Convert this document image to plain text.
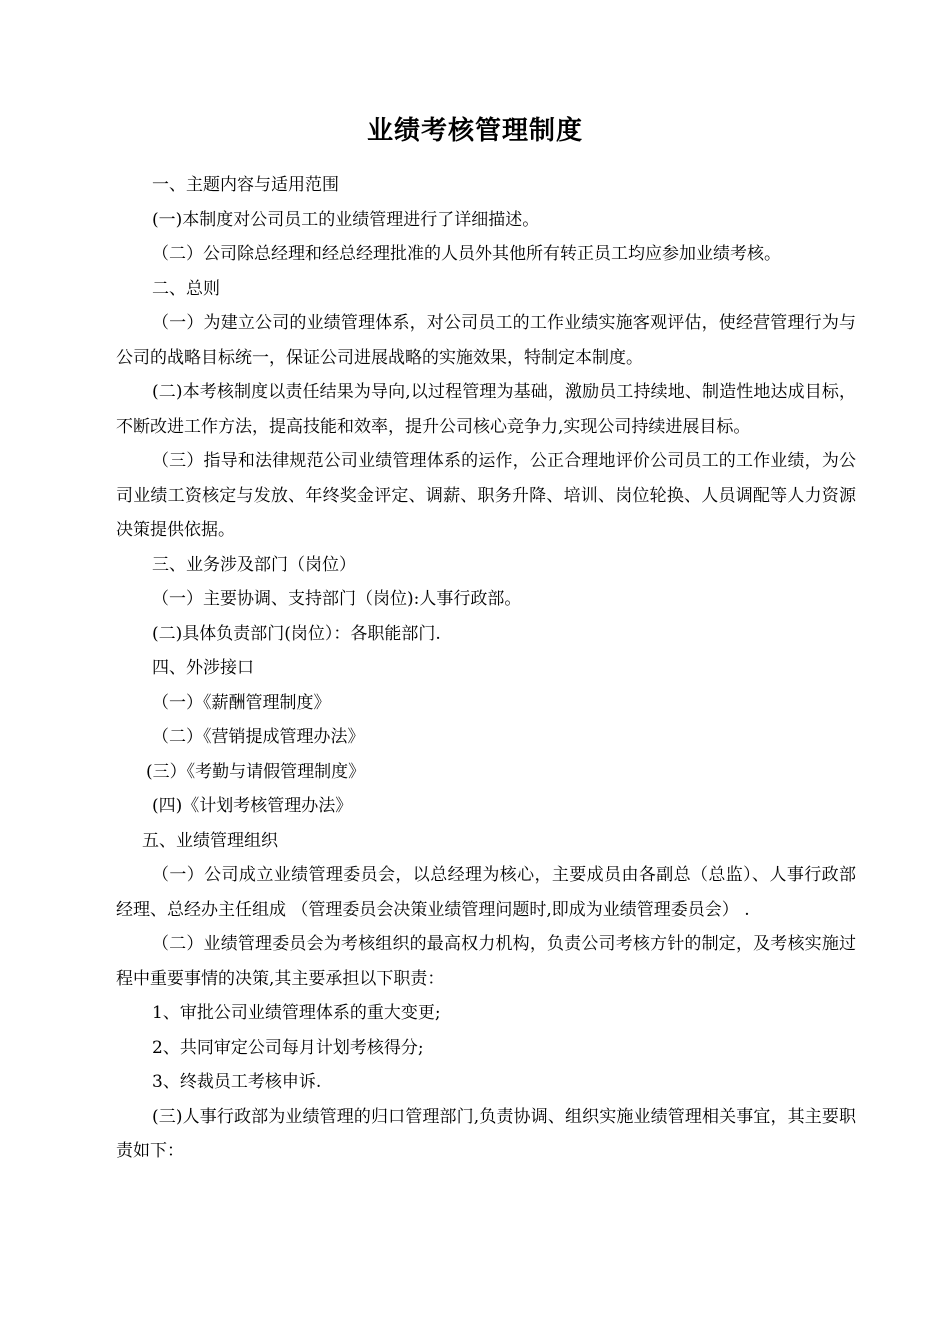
业绩考核管理制度

一、主题内容与适用范围

(一)本制度对公司员工的业绩管理进行了详细描述。

（二）公司除总经理和经总经理批准的人员外其他所有转正员工均应参加业绩考核。

二、总则

（一）为建立公司的业绩管理体系，对公司员工的工作业绩实施客观评估，使经营管理行为与公司的战略目标统一，保证公司进展战略的实施效果，特制定本制度。

(二)本考核制度以责任结果为导向,以过程管理为基础，激励员工持续地、制造性地达成目标，不断改进工作方法，提高技能和效率，提升公司核心竞争力,实现公司持续进展目标。

（三）指导和法律规范公司业绩管理体系的运作，公正合理地评价公司员工的工作业绩，为公司业绩工资核定与发放、年终奖金评定、调薪、职务升降、培训、岗位轮换、人员调配等人力资源决策提供依据。

三、业务涉及部门（岗位）

（一）主要协调、支持部门（岗位):人事行政部。

(二)具体负责部门(岗位）：各职能部门.

四、外涉接口

（一）《薪酬管理制度》

（二）《营销提成管理办法》

(三）《考勤与请假管理制度》

(四)《计划考核管理办法》

五、业绩管理组织

（一）公司成立业绩管理委员会，以总经理为核心，主要成员由各副总（总监）、人事行政部经理、总经办主任组成 （管理委员会决策业绩管理问题时,即成为业绩管理委员会） .

（二）业绩管理委员会为考核组织的最高权力机构，负责公司考核方针的制定，及考核实施过程中重要事情的决策,其主要承担以下职责：

1、审批公司业绩管理体系的重大变更;

2、共同审定公司每月计划考核得分;

3、终裁员工考核申诉.

(三)人事行政部为业绩管理的归口管理部门,负责协调、组织实施业绩管理相关事宜，其主要职责如下：
